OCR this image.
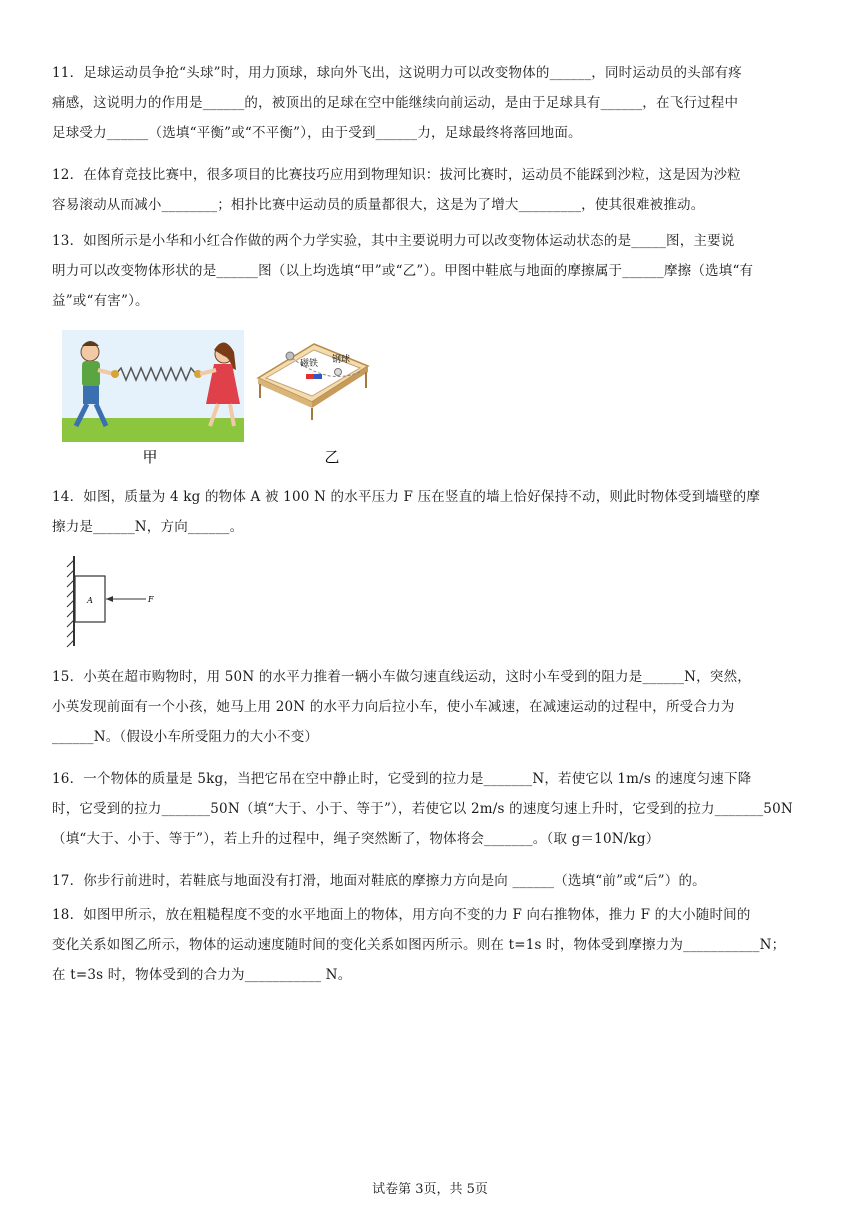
11．足球运动员争抢“头球”时，用力顶球，球向外飞出，这说明力可以改变物体的______，同时运动员的头部有疼

痛感，这说明力的作用是______的，被顶出的足球在空中能继续向前运动，是由于足球具有______，在飞行过程中

足球受力______（选填“平衡”或“不平衡”），由于受到______力，足球最终将落回地面。

12．在体育竞技比赛中，很多项目的比赛技巧应用到物理知识：拔河比赛时，运动员不能踩到沙粒，这是因为沙粒

容易滚动从而减小________；相扑比赛中运动员的质量都很大，这是为了增大_________，使其很难被推动。

13．如图所示是小华和小红合作做的两个力学实验，其中主要说明力可以改变物体运动状态的是_____图，主要说

明力可以改变物体形状的是______图（以上均选填“甲”或“乙”）。甲图中鞋底与地面的摩擦属于______摩擦（选填“有

益”或“有害”）。

甲
磁铁 钢球
乙

14．如图，质量为 4 kg 的物体 A 被 100 N 的水平压力 F 压在竖直的墙上恰好保持不动，则此时物体受到墙壁的摩

擦力是______N，方向______。

A	F

15．小英在超市购物时，用 50N 的水平力推着一辆小车做匀速直线运动，这时小车受到的阻力是______N，突然，

小英发现前面有一个小孩，她马上用 20N 的水平力向后拉小车，使小车减速，在减速运动的过程中，所受合力为

______N。（假设小车所受阻力的大小不变）

16．一个物体的质量是 5kg，当把它吊在空中静止时，它受到的拉力是_______N，若使它以 1m/s 的速度匀速下降

时，它受到的拉力_______50N（填“大于、小于、等于”），若使它以 2m/s 的速度匀速上升时，它受到的拉力_______50N

（填“大于、小于、等于”），若上升的过程中，绳子突然断了，物体将会_______。（取 g＝10N/kg）

17．你步行前进时，若鞋底与地面没有打滑，地面对鞋底的摩擦力方向是向 ______（选填“前”或“后”）的。

18．如图甲所示，放在粗糙程度不变的水平地面上的物体，用方向不变的力 F 向右推物体，推力 F 的大小随时间的

变化关系如图乙所示，物体的运动速度随时间的变化关系如图丙所示。则在 t=1s 时，物体受到摩擦力为___________N；

在 t=3s 时，物体受到的合力为___________ N。

试卷第 3页，共 5页
